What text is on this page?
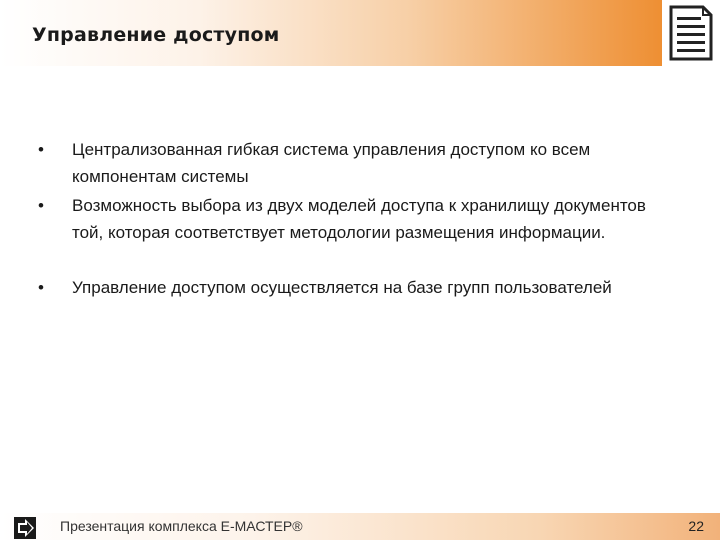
Управление доступом
• Централизованная гибкая система управления доступом ко всем компонентам системы
• Возможность выбора из двух моделей доступа к хранилищу документов той, которая соответствует методологии размещения информации.
• Управление доступом осуществляется на базе групп пользователей
Презентация комплекса Е-МАСТЕР®	22
